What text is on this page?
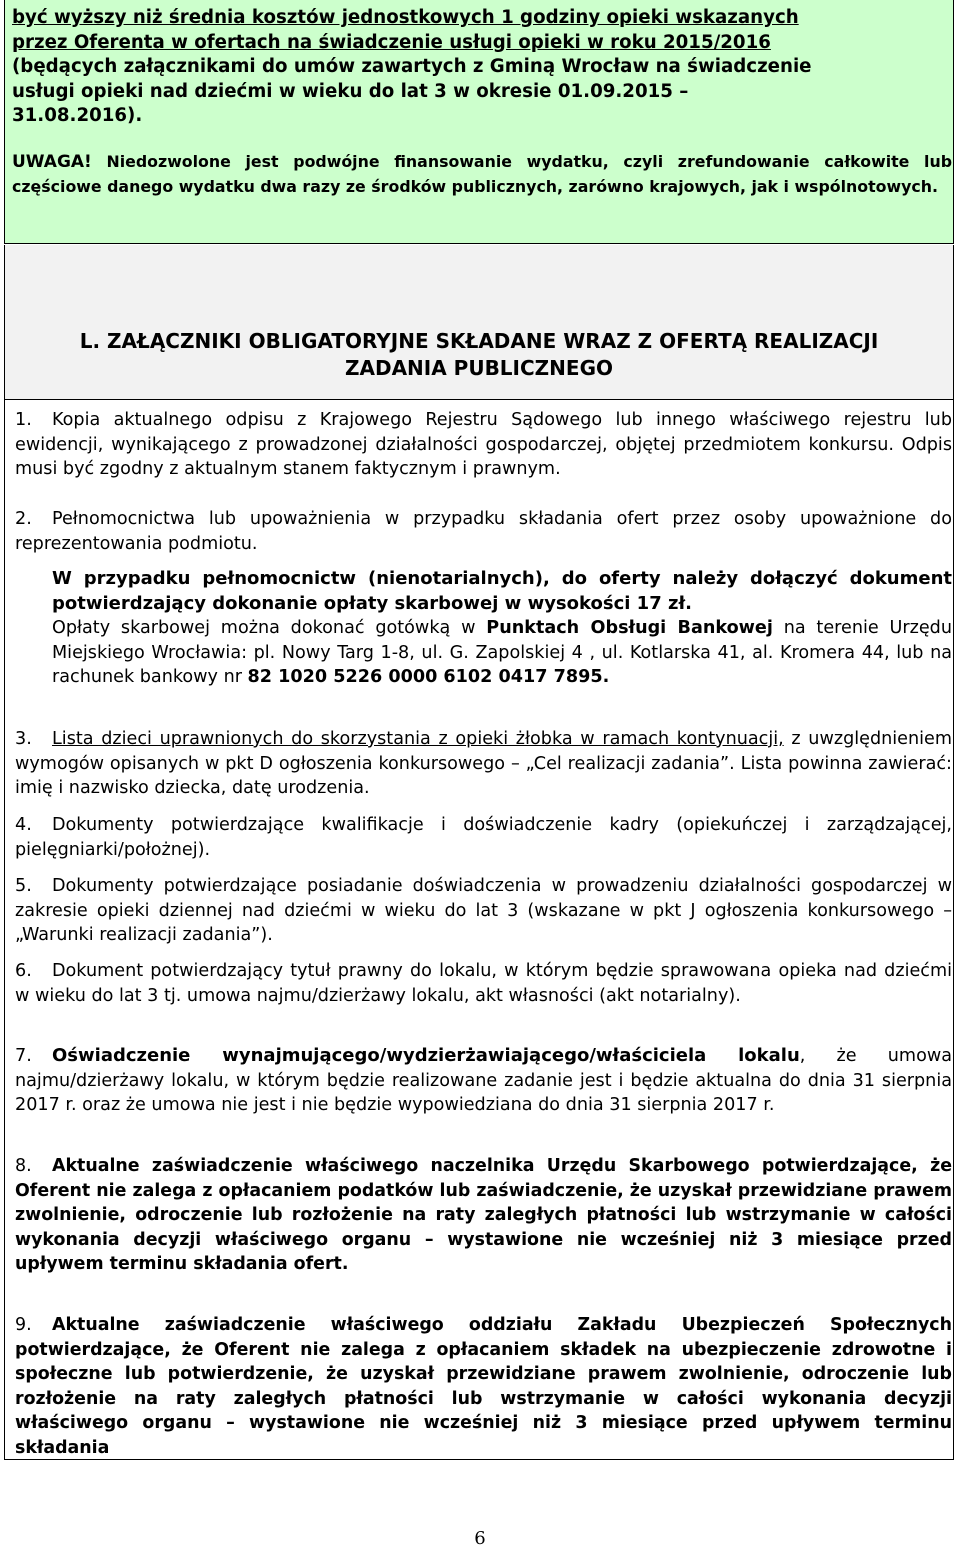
być wyższy niż średnia kosztów jednostkowych 1 godziny opieki wskazanych
przez Oferenta w ofertach na świadczenie usługi opieki w roku 2015/2016
(będących załącznikami do umów zawartych z Gminą Wrocław na świadczenie
usługi opieki nad dziećmi w wieku do lat 3 w okresie 01.09.2015 –
31.08.2016).
UWAGA! Niedozwolone jest podwójne finansowanie wydatku, czyli zrefundowanie całkowite lub częściowe danego wydatku dwa razy ze środków publicznych, zarówno krajowych, jak i wspólnotowych.
L. ZAŁĄCZNIKI OBLIGATORYJNE SKŁADANE WRAZ Z OFERTĄ REALIZACJI
ZADANIA PUBLICZNEGO
1. Kopia aktualnego odpisu z Krajowego Rejestru Sądowego lub innego właściwego rejestru lub ewidencji, wynikającego z prowadzonej działalności gospodarczej, objętej przedmiotem konkursu. Odpis musi być zgodny z aktualnym stanem faktycznym i prawnym.
2. Pełnomocnictwa lub upoważnienia w przypadku składania ofert przez osoby upoważnione do reprezentowania podmiotu.
W przypadku pełnomocnictw (nienotarialnych), do oferty należy dołączyć dokument potwierdzający dokonanie opłaty skarbowej w wysokości 17 zł.
Opłaty skarbowej można dokonać gotówką w Punktach Obsługi Bankowej na terenie Urzędu Miejskiego Wrocławia: pl. Nowy Targ 1-8, ul. G. Zapolskiej 4 , ul. Kotlarska 41, al. Kromera 44, lub na rachunek bankowy nr 82 1020 5226 0000 6102 0417 7895.
3. Lista dzieci uprawnionych do skorzystania z opieki żłobka w ramach kontynuacji, z uwzględnieniem wymogów opisanych w pkt D ogłoszenia konkursowego – „Cel realizacji zadania”. Lista powinna zawierać: imię i nazwisko dziecka, datę urodzenia.
4. Dokumenty potwierdzające kwalifikacje i doświadczenie kadry (opiekuńczej i zarządzającej, pielęgniarki/położnej).
5. Dokumenty potwierdzające posiadanie doświadczenia w prowadzeniu działalności gospodarczej w zakresie opieki dziennej nad dziećmi w wieku do lat 3 (wskazane w pkt J ogłoszenia konkursowego – „Warunki realizacji zadania”).
6. Dokument potwierdzający tytuł prawny do lokalu, w którym będzie sprawowana opieka nad dziećmi w wieku do lat 3 tj. umowa najmu/dzierżawy lokalu, akt własności (akt notarialny).
7. Oświadczenie wynajmującego/wydzierżawiającego/właściciela lokalu, że umowa najmu/dzierżawy lokalu, w którym będzie realizowane zadanie jest i będzie aktualna do dnia 31 sierpnia 2017 r. oraz że umowa nie jest i nie będzie wypowiedziana do dnia 31 sierpnia 2017 r.
8. Aktualne zaświadczenie właściwego naczelnika Urzędu Skarbowego potwierdzające, że Oferent nie zalega z opłacaniem podatków lub zaświadczenie, że uzyskał przewidziane prawem zwolnienie, odroczenie lub rozłożenie na raty zaległych płatności lub wstrzymanie w całości wykonania decyzji właściwego organu – wystawione nie wcześniej niż 3 miesiące przed upływem terminu składania ofert.
9. Aktualne zaświadczenie właściwego oddziału Zakładu Ubezpieczeń Społecznych potwierdzające, że Oferent nie zalega z opłacaniem składek na ubezpieczenie zdrowotne i społeczne lub potwierdzenie, że uzyskał przewidziane prawem zwolnienie, odroczenie lub rozłożenie na raty zaległych płatności lub wstrzymanie w całości wykonania decyzji właściwego organu – wystawione nie wcześniej niż 3 miesiące przed upływem terminu składania
6
